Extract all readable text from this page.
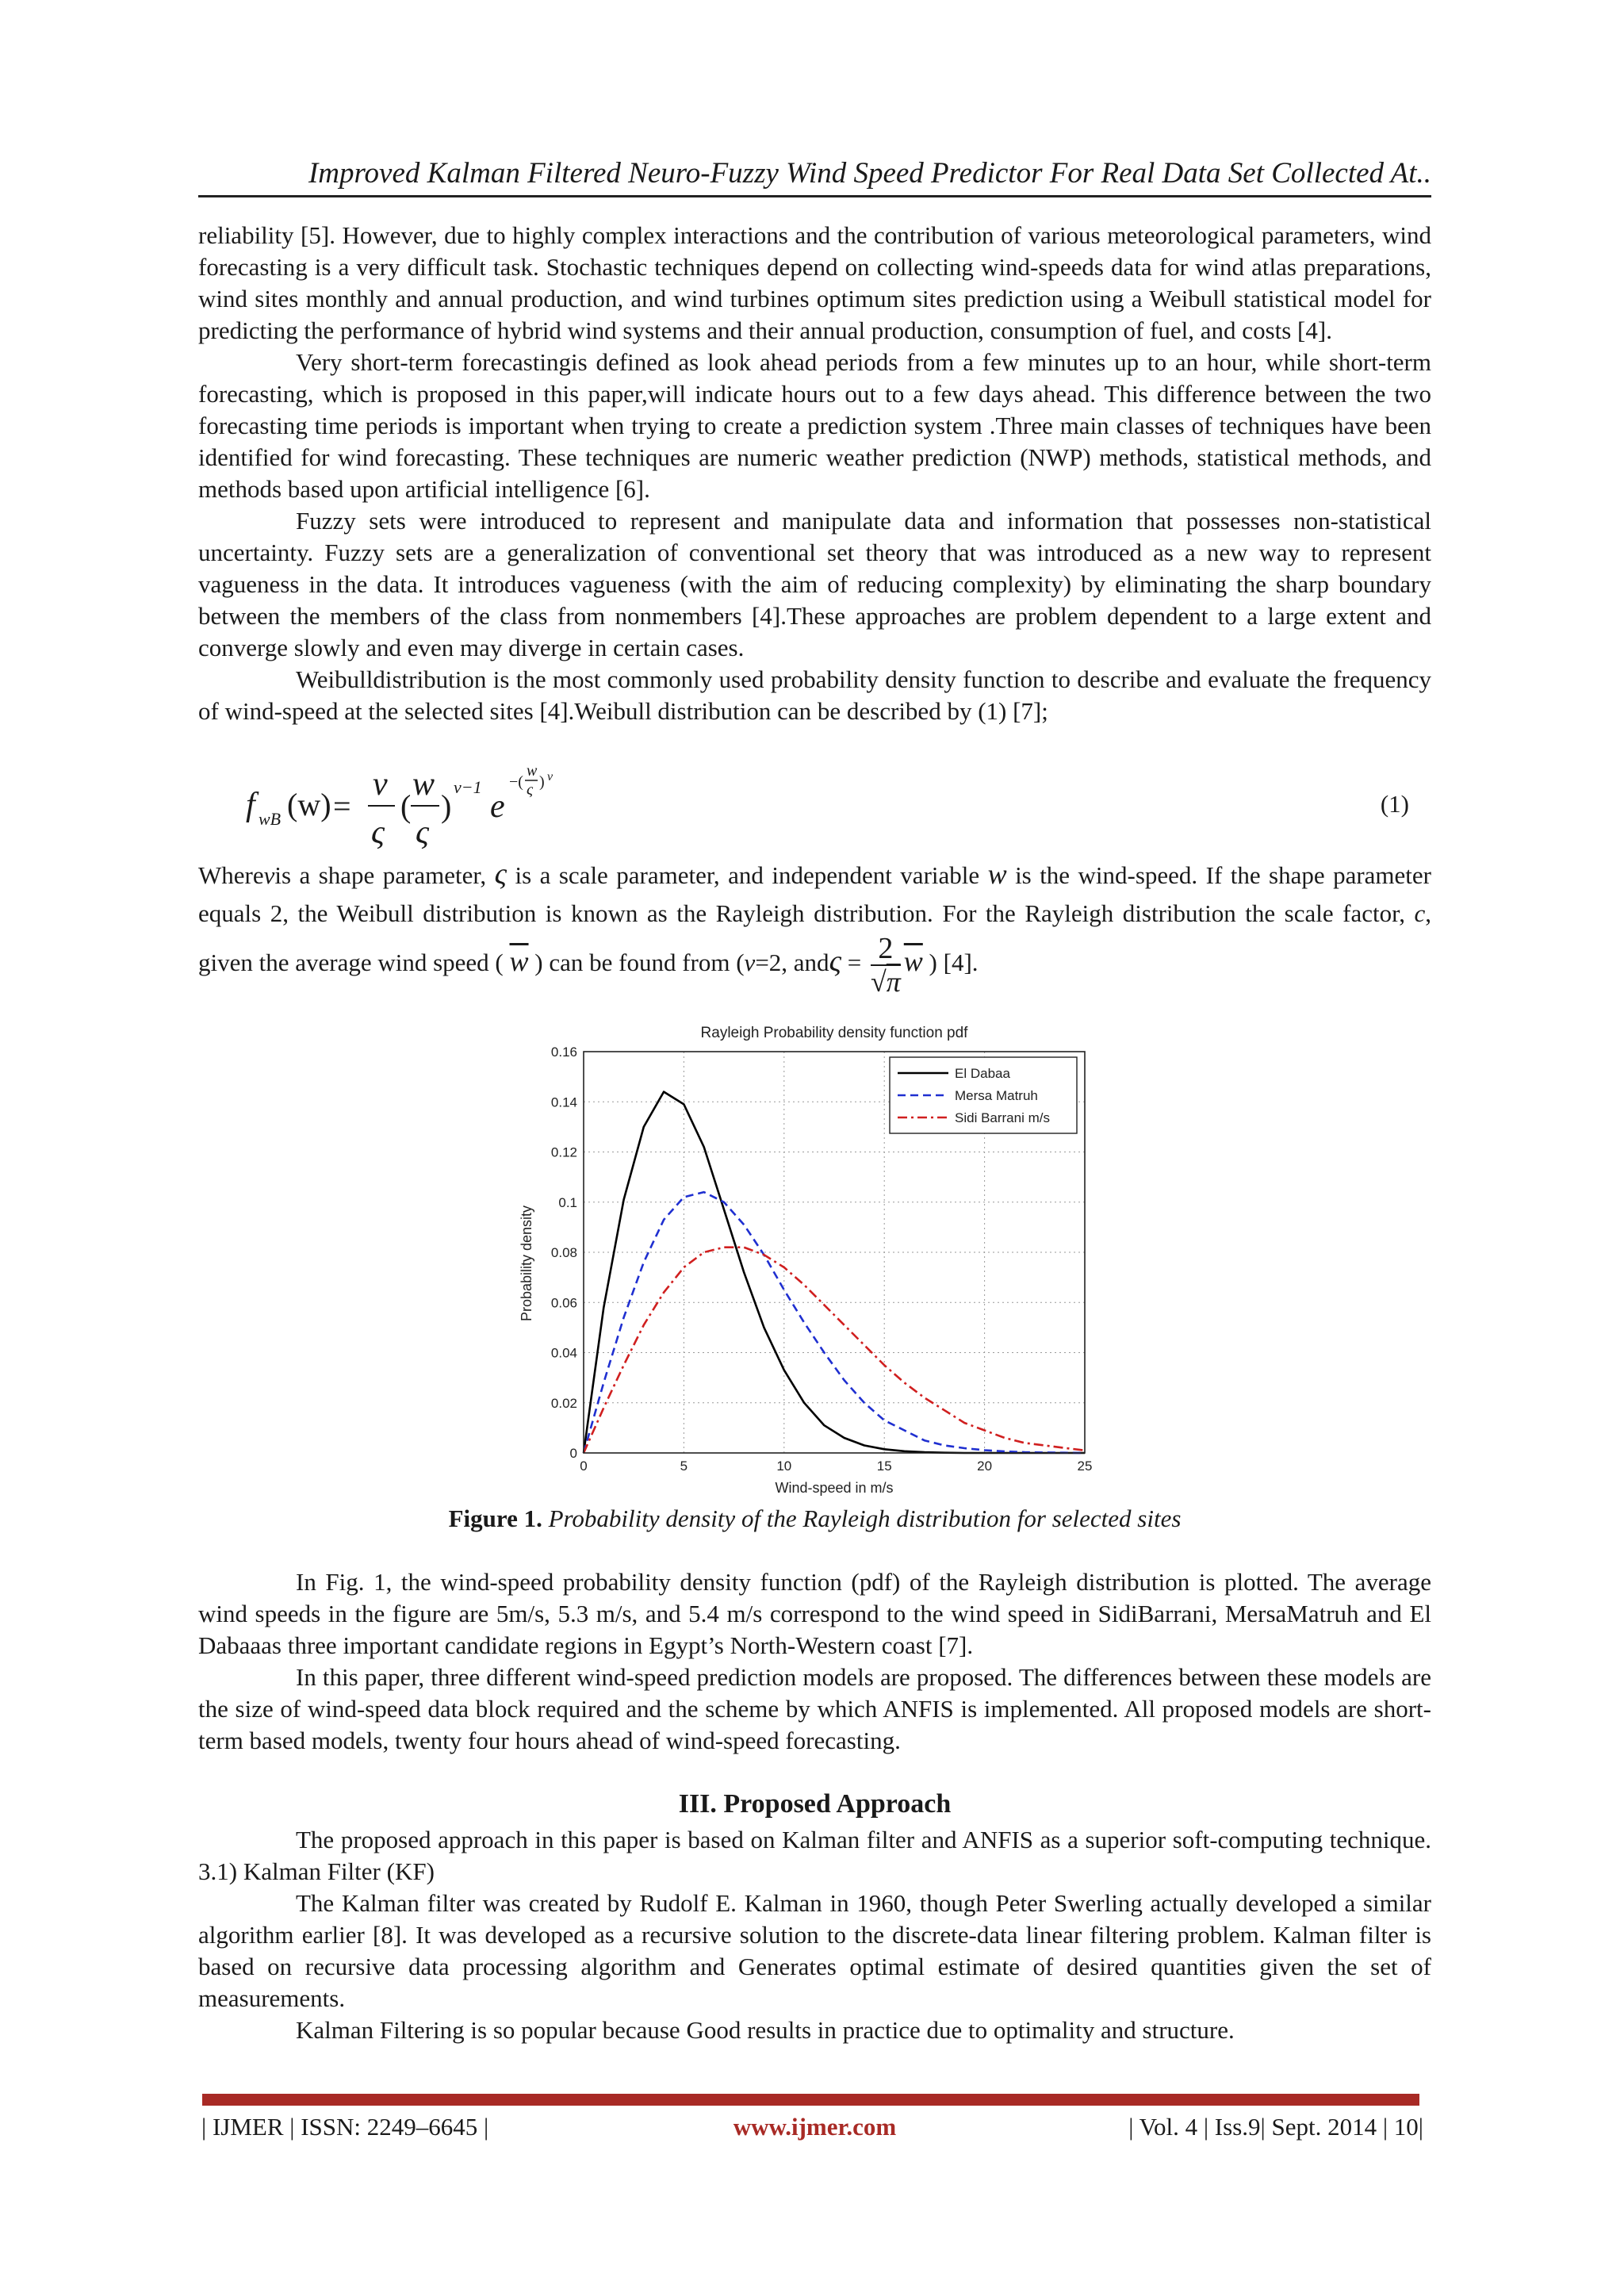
Improved Kalman Filtered Neuro-Fuzzy Wind Speed Predictor For Real Data Set Collected At..

reliability [5]. However, due to highly complex interactions and the contribution of various meteorological parameters, wind forecasting is a very difficult task. Stochastic techniques depend on collecting wind-speeds data for wind atlas preparations, wind sites monthly and annual production, and wind turbines optimum sites prediction using a Weibull statistical model for predicting the performance of hybrid wind systems and their annual production, consumption of fuel, and costs [4].

Very short-term forecastingis defined as look ahead periods from a few minutes up to an hour, while short-term forecasting, which is proposed in this paper,will indicate hours out to a few days ahead. This difference between the two forecasting time periods is important when trying to create a prediction system .Three main classes of techniques have been identified for wind forecasting. These techniques are numeric weather prediction (NWP) methods, statistical methods, and methods based upon artificial intelligence [6].

Fuzzy sets were introduced to represent and manipulate data and information that possesses non-statistical uncertainty. Fuzzy sets are a generalization of conventional set theory that was introduced as a new way to represent vagueness in the data. It introduces vagueness (with the aim of reducing complexity) by eliminating the sharp boundary between the members of the class from nonmembers [4].These approaches are problem dependent to a large extent and converge slowly and even may diverge in certain cases.

Weibulldistribution is the most commonly used probability density function to describe and evaluate the frequency of wind-speed at the selected sites [4].Weibull distribution can be described by (1) [7];

f wB (w) =
v
ς
(
w
ς
)
v−1
e
−(
w
ς ) v
(1)
Wherevis a shape parameter, ς is a scale parameter, and independent variable w is the wind-speed. If the shape parameter equals 2, the Weibull distribution is known as the Rayleigh distribution. For the Rayleigh distribution the scale factor, c, given the average wind speed ( $\overline{w}$ ) can be found from (v=2, $and\varsigma = \frac{2}{√\pi} \overline{w}$ ) [4].
Rayleigh Probability density function pdf
0	5	10	15	20	25
0
0.02
0.04
0.06
0.08
0.1
0.12
0.14
0.16
El Dabaa
Mersa Matruh
Sidi Barrani m/s
Wind-speed in m/s
Probability density
Figure 1. Probability density of the Rayleigh distribution for selected sites

In Fig. 1, the wind-speed probability density function (pdf) of the Rayleigh distribution is plotted. The average wind speeds in the figure are 5m/s, 5.3 m/s, and 5.4 m/s correspond to the wind speed in SidiBarrani, MersaMatruh and El Dabaaas three important candidate regions in Egypt’s North-Western coast [7].

In this paper, three different wind-speed prediction models are proposed. The differences between these models are the size of wind-speed data block required and the scheme by which ANFIS is implemented. All proposed models are short-term based models, twenty four hours ahead of wind-speed forecasting.

III. Proposed Approach

The proposed approach in this paper is based on Kalman filter and ANFIS as a superior soft-computing technique. 3.1) Kalman Filter (KF)

The Kalman filter was created by Rudolf E. Kalman in 1960, though Peter Swerling actually developed a similar algorithm earlier [8]. It was developed as a recursive solution to the discrete-data linear filtering problem. Kalman filter is based on recursive data processing algorithm and Generates optimal estimate of desired quantities given the set of measurements.

Kalman Filtering is so popular because Good results in practice due to optimality and structure.

| IJMER | ISSN: 2249–6645 |	www.ijmer.com	| Vol. 4 | Iss.9| Sept. 2014 | 10|
